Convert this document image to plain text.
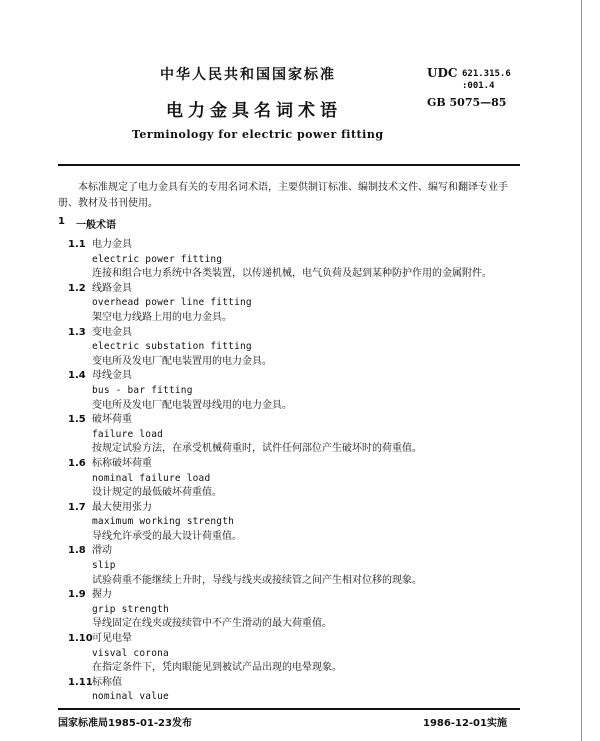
中华人民共和国国家标准
电力金具名词术语
Terminology for electric power fitting
UDC 621.315.6
:001.4
GB 5075—85
本标准规定了电力金具有关的专用名词术语，主要供制订标准、编制技术文件、编写和翻译专业手册、教材及书刊使用。
1 一般术语
1.1 电力金具
electric power fitting
连接和组合电力系统中各类装置，以传递机械，电气负荷及起到某种防护作用的金属附件。
1.2 线路金具
overhead power line fitting
架空电力线路上用的电力金具。
1.3 变电金具
electric substation fitting
变电所及发电厂配电装置用的电力金具。
1.4 母线金具
bus - bar fitting
变电所及发电厂配电装置母线用的电力金具。
1.5 破坏荷重
failure load
按规定试验方法，在承受机械荷重时，试件任何部位产生破坏时的荷重值。
1.6 标称破坏荷重
nominal failure load
设计规定的最低破坏荷重值。
1.7 最大使用张力
maximum working strength
导线允许承受的最大设计荷重值。
1.8 滑动
slip
试验荷重不能继续上升时，导线与线夹或接续管之间产生相对位移的现象。
1.9 握力
grip strength
导线固定在线夹或接续管中不产生滑动的最大荷重值。
1.10 可见电晕
visval corona
在指定条件下，凭肉眼能见到被试产品出现的电晕现象。
1.11 标称值
nominal value
国家标准局1985-01-23发布	1986-12-01实施
